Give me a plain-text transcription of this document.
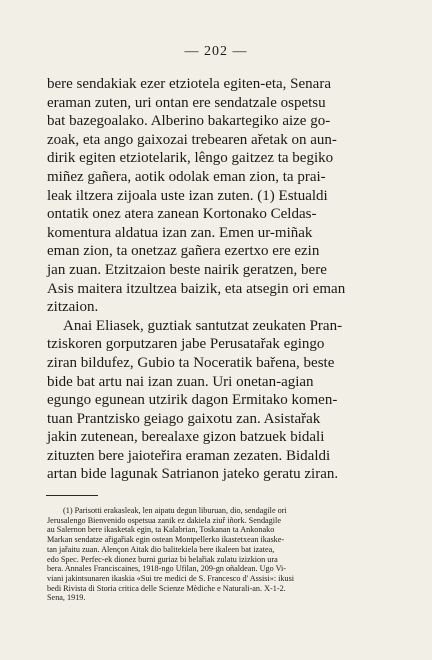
— 202 —
bere sendakiak ezer etziotela egiten-eta, Senara
eraman zuten, uri ontan ere sendatzale ospetsu
bat bazegoalako. Alberino bakartegiko aize go-
zoak, eta ango gaixozai trebearen ařetak on aun-
dirik egiten etziotelarik, lêngo gaitzez ta begiko
miñez gañera, aotik odolak eman zion, ta prai-
leak iltzera zijoala uste izan zuten. (1) Estualdi
ontatik onez atera zanean Kortonako Celdas-
komentura aldatua izan zan. Emen ur-miñak
eman zion, ta onetzaz gañera ezertxo ere ezin
jan zuan. Etzitzaion beste nairik geratzen, bere
Asis maitera itzultzea baizik, eta atsegin ori eman
zitzaion.
Anai Eliasek, guztiak santutzat zeukaten Pran-
tziskoren gorputzaren jabe Perusatařak egingo
ziran bildufez, Gubio ta Noceratik bařena, beste
bide bat artu nai izan zuan. Uri onetan-agian
egungo egunean utzirik dagon Ermitako komen-
tuan Prantzisko geiago gaixotu zan. Asistařak
jakin zutenean, berealaxe gizon batzuek bidali
zituzten bere jaioteřira eraman zezaten. Bidaldi
artan bide lagunak Satrianon jateko geratu ziran.
(1) Parisotti erakasleak, len aipatu degun liburuan, dio, sendagile ori
Jerusalengo Bienvenido ospetsua zanik ez dakiela ziuř iñork. Sendagile
au Salernon bere ikasketak egin, ta Kalabrian, Toskanan ta Ankonako
Markan sendatze ařigařiak egin ostean Montpellerko ikastetxean ikaske-
tan jařaitu zuan. Alençon Aitak dio balitekiela bere ikaleen bat izatea,
edo Spec. Perfec-ek dionez burni guriaz bi belařiak zulatu izizkion ura
bera. Annales Franciscaines, 1918-ngo Ufilan, 209-gn oñaldean. Ugo Vi-
viani jakintsunaren ikaskia «Sui tre medici de S. Francesco d' Assisi»: ikusi
bedi Rivista di Storia critica delle Scienze Mèdiche e Naturali-an. X-1-2.
Sena, 1919.
